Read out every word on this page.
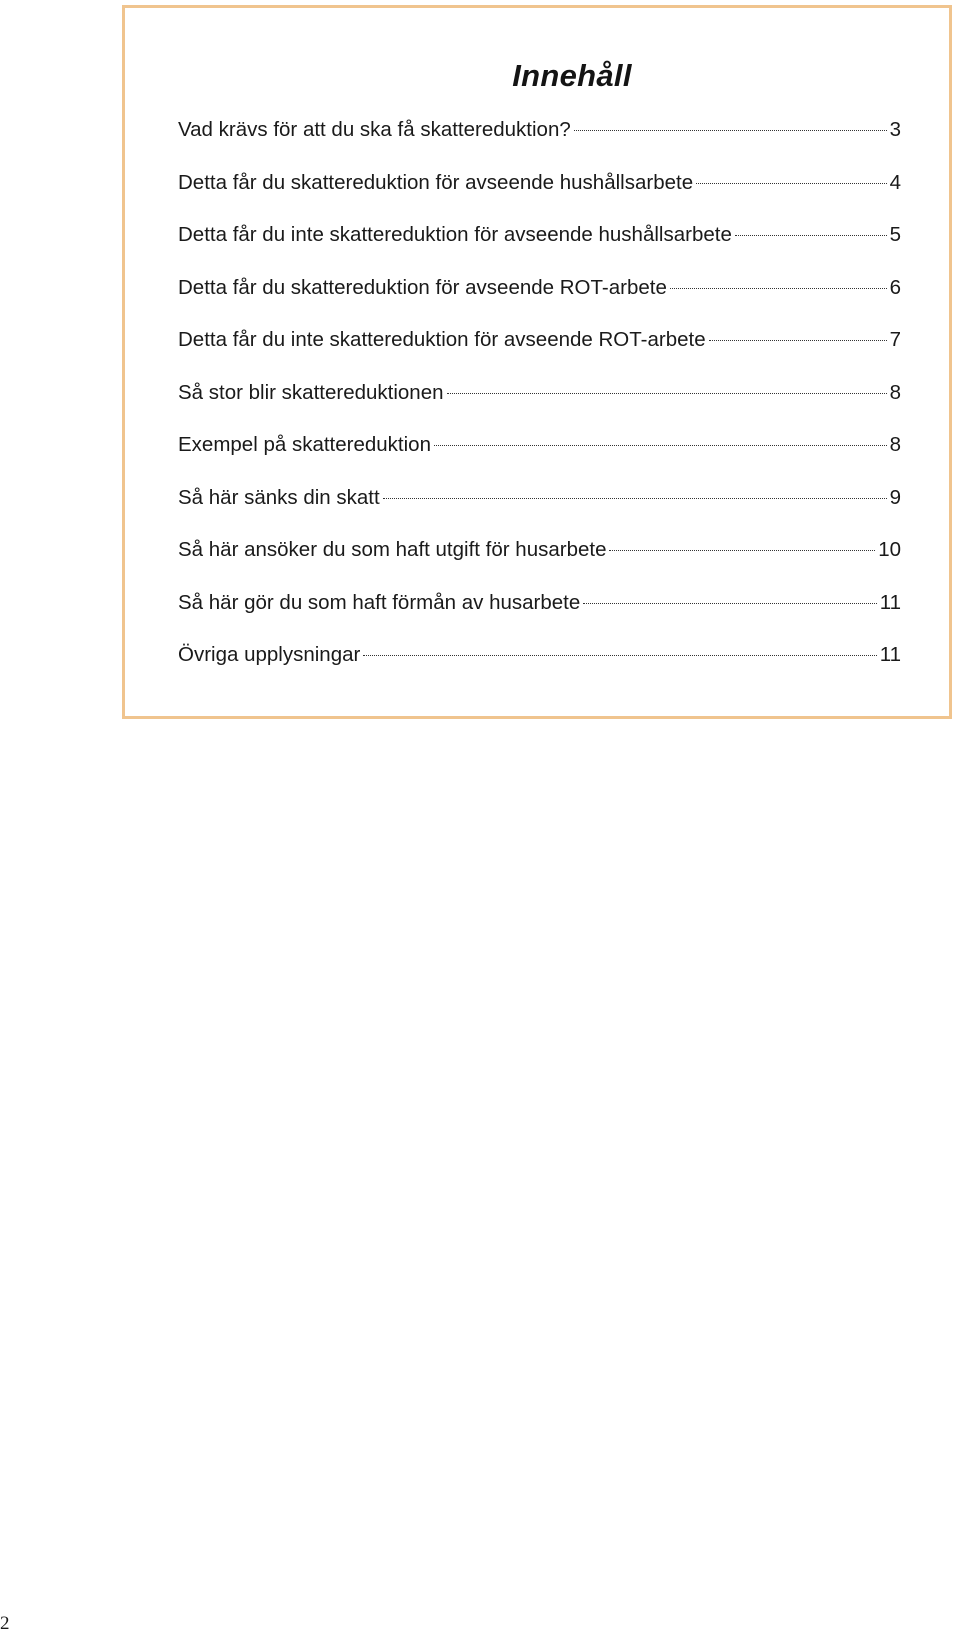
Innehåll
Vad krävs för att du ska få skattereduktion?	3
Detta får du skattereduktion för avseende hushållsarbete	4
Detta får du inte skattereduktion för avseende hushållsarbete	5
Detta får du skattereduktion för avseende ROT-arbete	6
Detta får du inte skattereduktion för avseende ROT-arbete	7
Så stor blir skattereduktionen	8
Exempel på skattereduktion	8
Så här sänks din skatt	9
Så här ansöker du som haft utgift för husarbete	10
Så här gör du som haft förmån av husarbete	11
Övriga upplysningar	11
2
